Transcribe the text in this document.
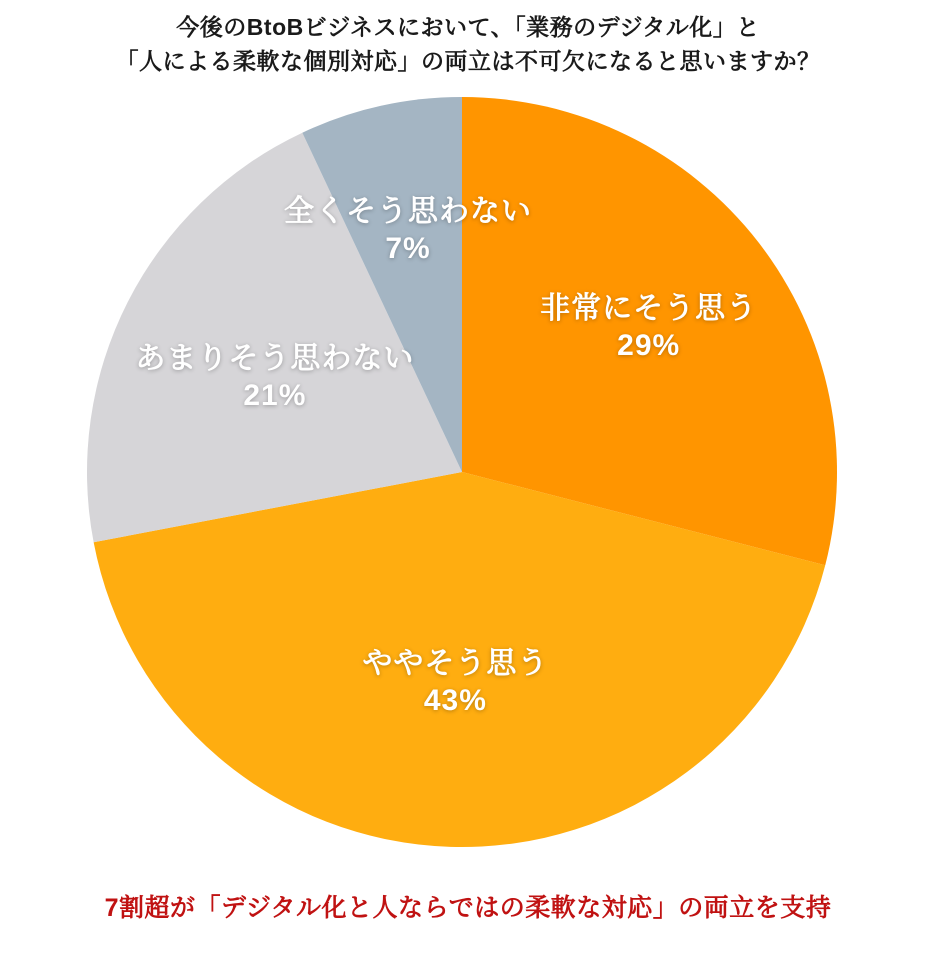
今後のBtoBビジネスにおいて、「業務のデジタル化」と
「人による柔軟な個別対応」の両立は不可欠になると思いますか？
非常にそう思う
29%
ややそう思う
43%
あまりそう思わない
21%
全くそう思わない
7%
7割超が「デジタル化と人ならではの柔軟な対応」の両立を支持
